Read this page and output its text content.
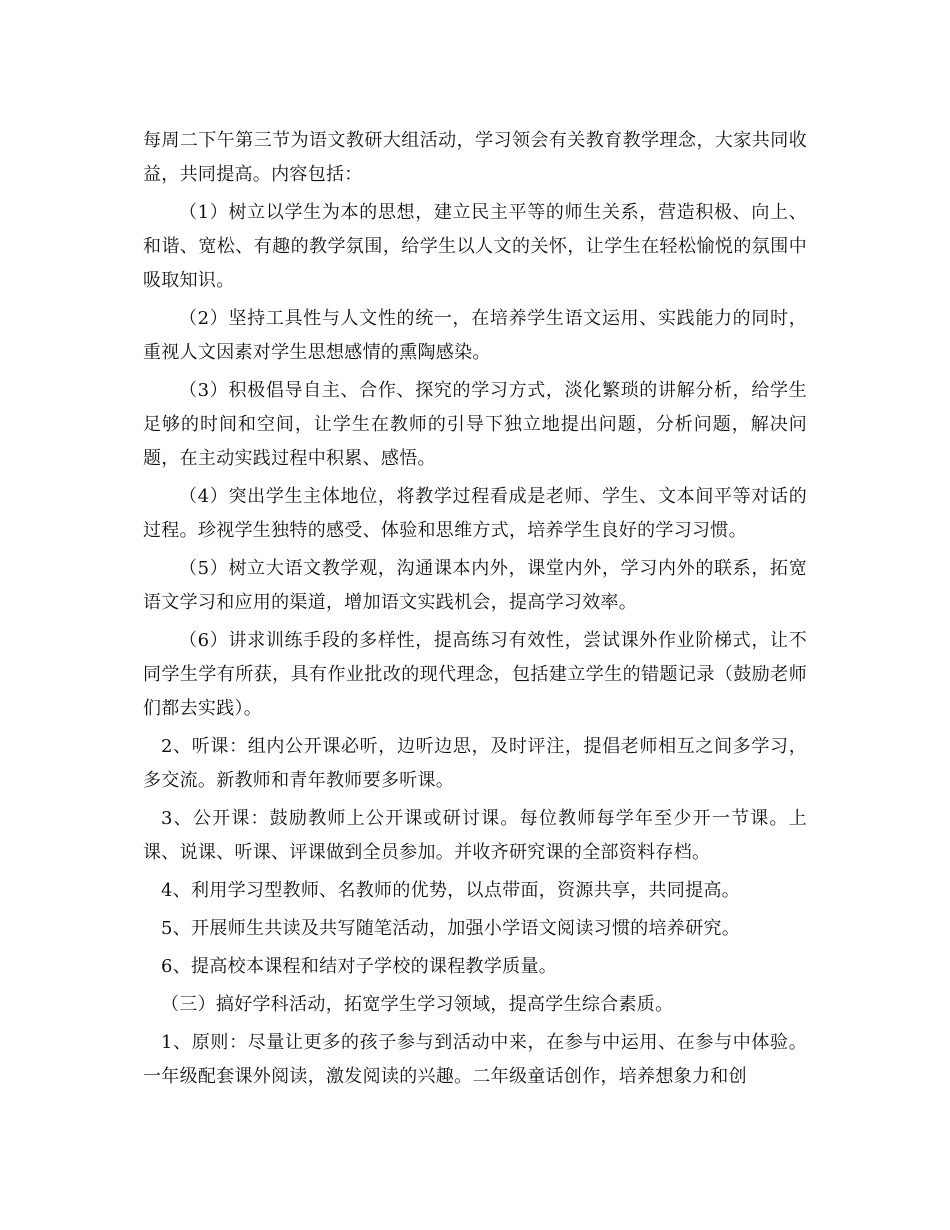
每周二下午第三节为语文教研大组活动，学习领会有关教育教学理念，大家共同收益，共同提高。内容包括：

（1）树立以学生为本的思想，建立民主平等的师生关系，营造积极、向上、和谐、宽松、有趣的教学氛围，给学生以人文的关怀，让学生在轻松愉悦的氛围中吸取知识。

（2）坚持工具性与人文性的统一，在培养学生语文运用、实践能力的同时，重视人文因素对学生思想感情的熏陶感染。

（3）积极倡导自主、合作、探究的学习方式，淡化繁琐的讲解分析，给学生足够的时间和空间，让学生在教师的引导下独立地提出问题，分析问题，解决问题，在主动实践过程中积累、感悟。

（4）突出学生主体地位，将教学过程看成是老师、学生、文本间平等对话的过程。珍视学生独特的感受、体验和思维方式，培养学生良好的学习习惯。

（5）树立大语文教学观，沟通课本内外，课堂内外，学习内外的联系，拓宽语文学习和应用的渠道，增加语文实践机会，提高学习效率。

（6）讲求训练手段的多样性，提高练习有效性，尝试课外作业阶梯式，让不同学生学有所获，具有作业批改的现代理念，包括建立学生的错题记录（鼓励老师们都去实践）。

2、听课：组内公开课必听，边听边思，及时评注，提倡老师相互之间多学习，多交流。新教师和青年教师要多听课。

3、公开课：鼓励教师上公开课或研讨课。每位教师每学年至少开一节课。上课、说课、听课、评课做到全员参加。并收齐研究课的全部资料存档。

4、利用学习型教师、名教师的优势，以点带面，资源共享，共同提高。

5、开展师生共读及共写随笔活动，加强小学语文阅读习惯的培养研究。

6、提高校本课程和结对子学校的课程教学质量。

（三）搞好学科活动，拓宽学生学习领域，提高学生综合素质。

1、原则：尽量让更多的孩子参与到活动中来，在参与中运用、在参与中体验。一年级配套课外阅读，激发阅读的兴趣。二年级童话创作，培养想象力和创
